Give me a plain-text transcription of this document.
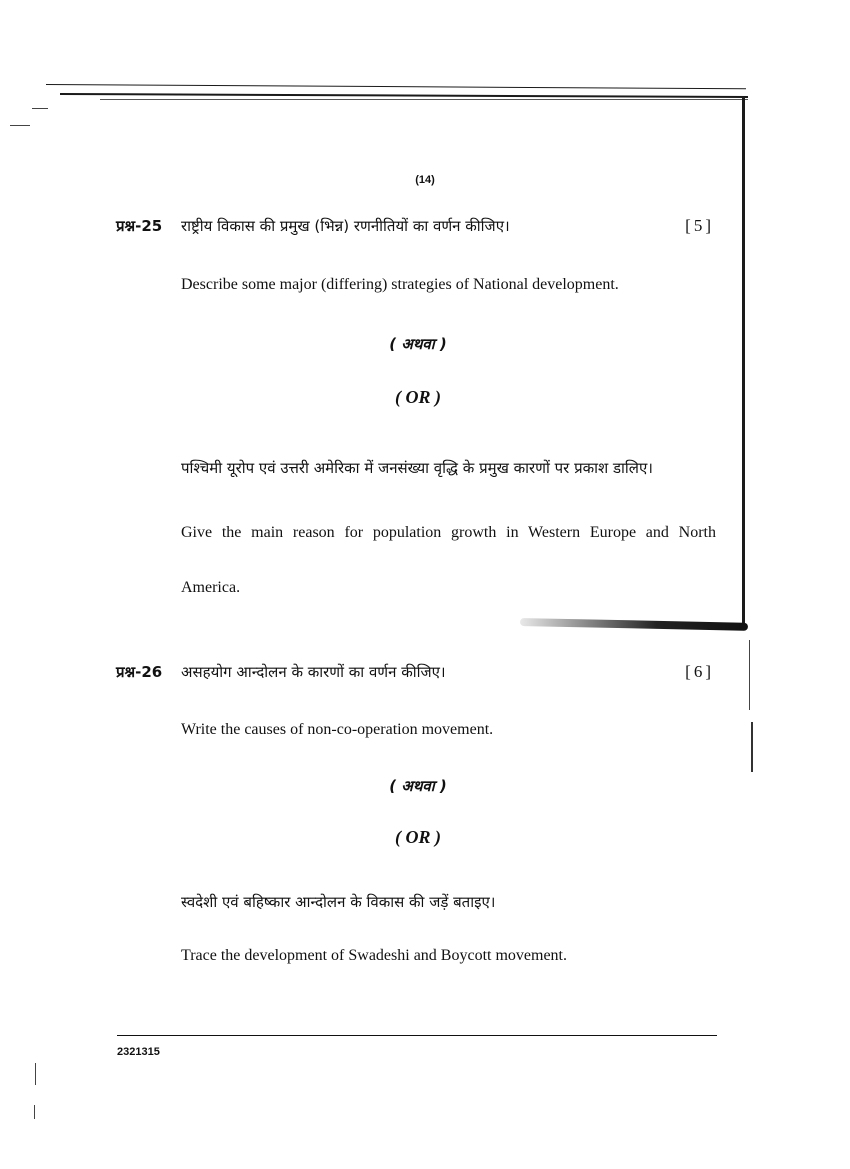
(14)
प्रश्न-25 राष्ट्रीय विकास की प्रमुख (भिन्न) रणनीतियों का वर्णन कीजिए।	[5]
Describe some major (differing) strategies of National development.
( अथवा )
( OR )
पश्चिमी यूरोप एवं उत्तरी अमेरिका में जनसंख्या वृद्धि के प्रमुख कारणों पर प्रकाश डालिए।
Give the main reason for population growth in Western Europe and North
America.
प्रश्न-26 असहयोग आन्दोलन के कारणों का वर्णन कीजिए।	[6]
Write the causes of non-co-operation movement.
( अथवा )
( OR )
स्वदेशी एवं बहिष्कार आन्दोलन के विकास की जड़ें बताइए।
Trace the development of Swadeshi and Boycott movement.
2321315
